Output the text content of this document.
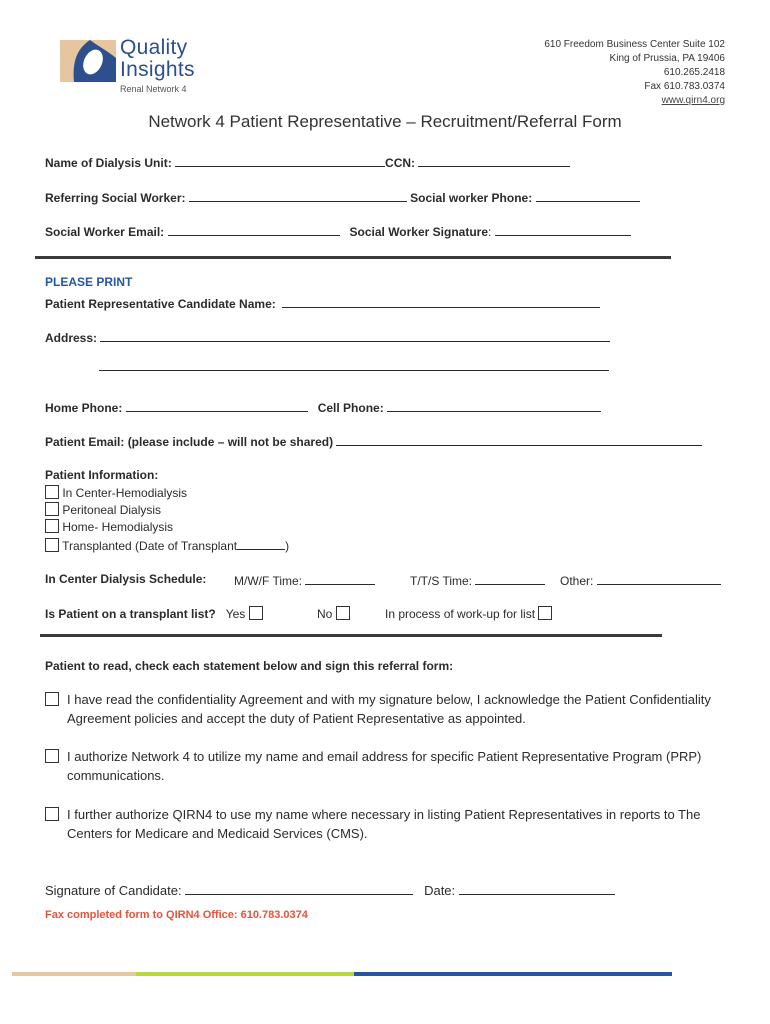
Quality
Insights
Renal Network 4
610 Freedom Business Center Suite 102
King of Prussia, PA 19406
610.265.2418
Fax 610.783.0374
www.qirn4.org
Network 4 Patient Representative – Recruitment/Referral Form
Name of Dialysis Unit:	CCN:
Referring Social Worker:	Social worker Phone:
Social Worker Email:	Social Worker Signature:
PLEASE PRINT
Patient Representative Candidate Name:
Address:
Home Phone:	Cell Phone:
Patient Email: (please include – will not be shared)
Patient Information:
In Center-Hemodialysis
Peritoneal Dialysis
Home- Hemodialysis
Transplanted (Date of Transplant	)
In Center Dialysis Schedule: M/W/F Time:	T/T/S Time:	Other:
Is Patient on a transplant list? Yes	No	In process of work-up for list
Patient to read, check each statement below and sign this referral form:
I have read the confidentiality Agreement and with my signature below, I acknowledge the Patient Confidentiality Agreement policies and accept the duty of Patient Representative as appointed.
I authorize Network 4 to utilize my name and email address for specific Patient Representative Program (PRP) communications.
I further authorize QIRN4 to use my name where necessary in listing Patient Representatives in reports to The Centers for Medicare and Medicaid Services (CMS).
Signature of Candidate:	Date:
Fax completed form to QIRN4 Office: 610.783.0374
